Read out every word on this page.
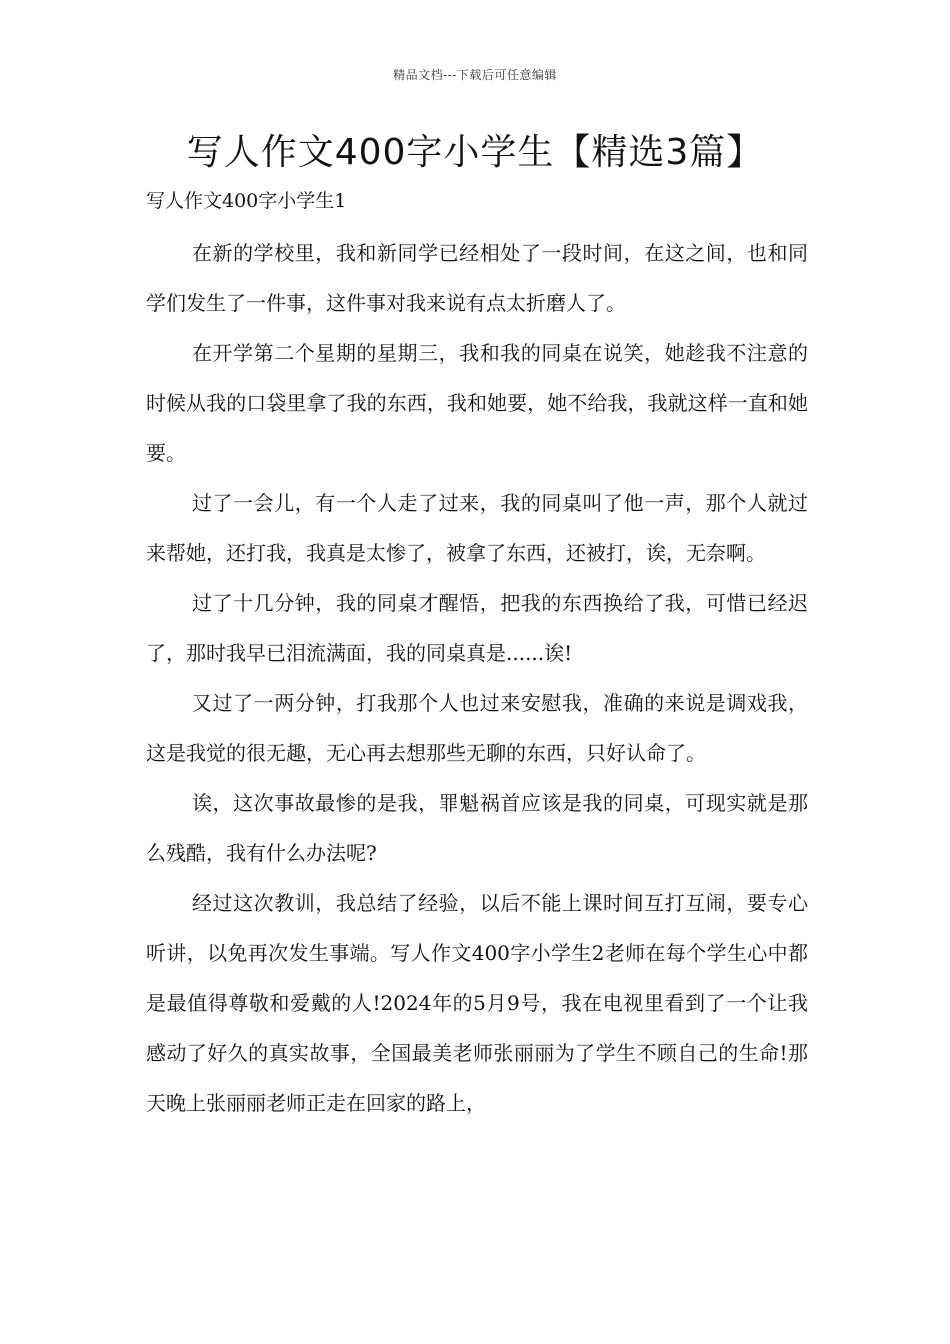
精品文档---下载后可任意编辑
写人作文400字小学生【精选3篇】
写人作文400字小学生1

在新的学校里，我和新同学已经相处了一段时间，在这之间，也和同学们发生了一件事，这件事对我来说有点太折磨人了。

在开学第二个星期的星期三，我和我的同桌在说笑，她趁我不注意的时候从我的口袋里拿了我的东西，我和她要，她不给我，我就这样一直和她要。

过了一会儿，有一个人走了过来，我的同桌叫了他一声，那个人就过来帮她，还打我，我真是太惨了，被拿了东西，还被打，诶，无奈啊。

过了十几分钟，我的同桌才醒悟，把我的东西换给了我，可惜已经迟了，那时我早已泪流满面，我的同桌真是......诶!

又过了一两分钟，打我那个人也过来安慰我，准确的来说是调戏我，这是我觉的很无趣，无心再去想那些无聊的东西，只好认命了。

诶，这次事故最惨的是我，罪魁祸首应该是我的同桌，可现实就是那么残酷，我有什么办法呢?

经过这次教训，我总结了经验，以后不能上课时间互打互闹，要专心听讲，以免再次发生事端。写人作文400字小学生2老师在每个学生心中都是最值得尊敬和爱戴的人!2024年的5月9号，我在电视里看到了一个让我感动了好久的真实故事，全国最美老师张丽丽为了学生不顾自己的生命!那天晚上张丽丽老师正走在回家的路上，
